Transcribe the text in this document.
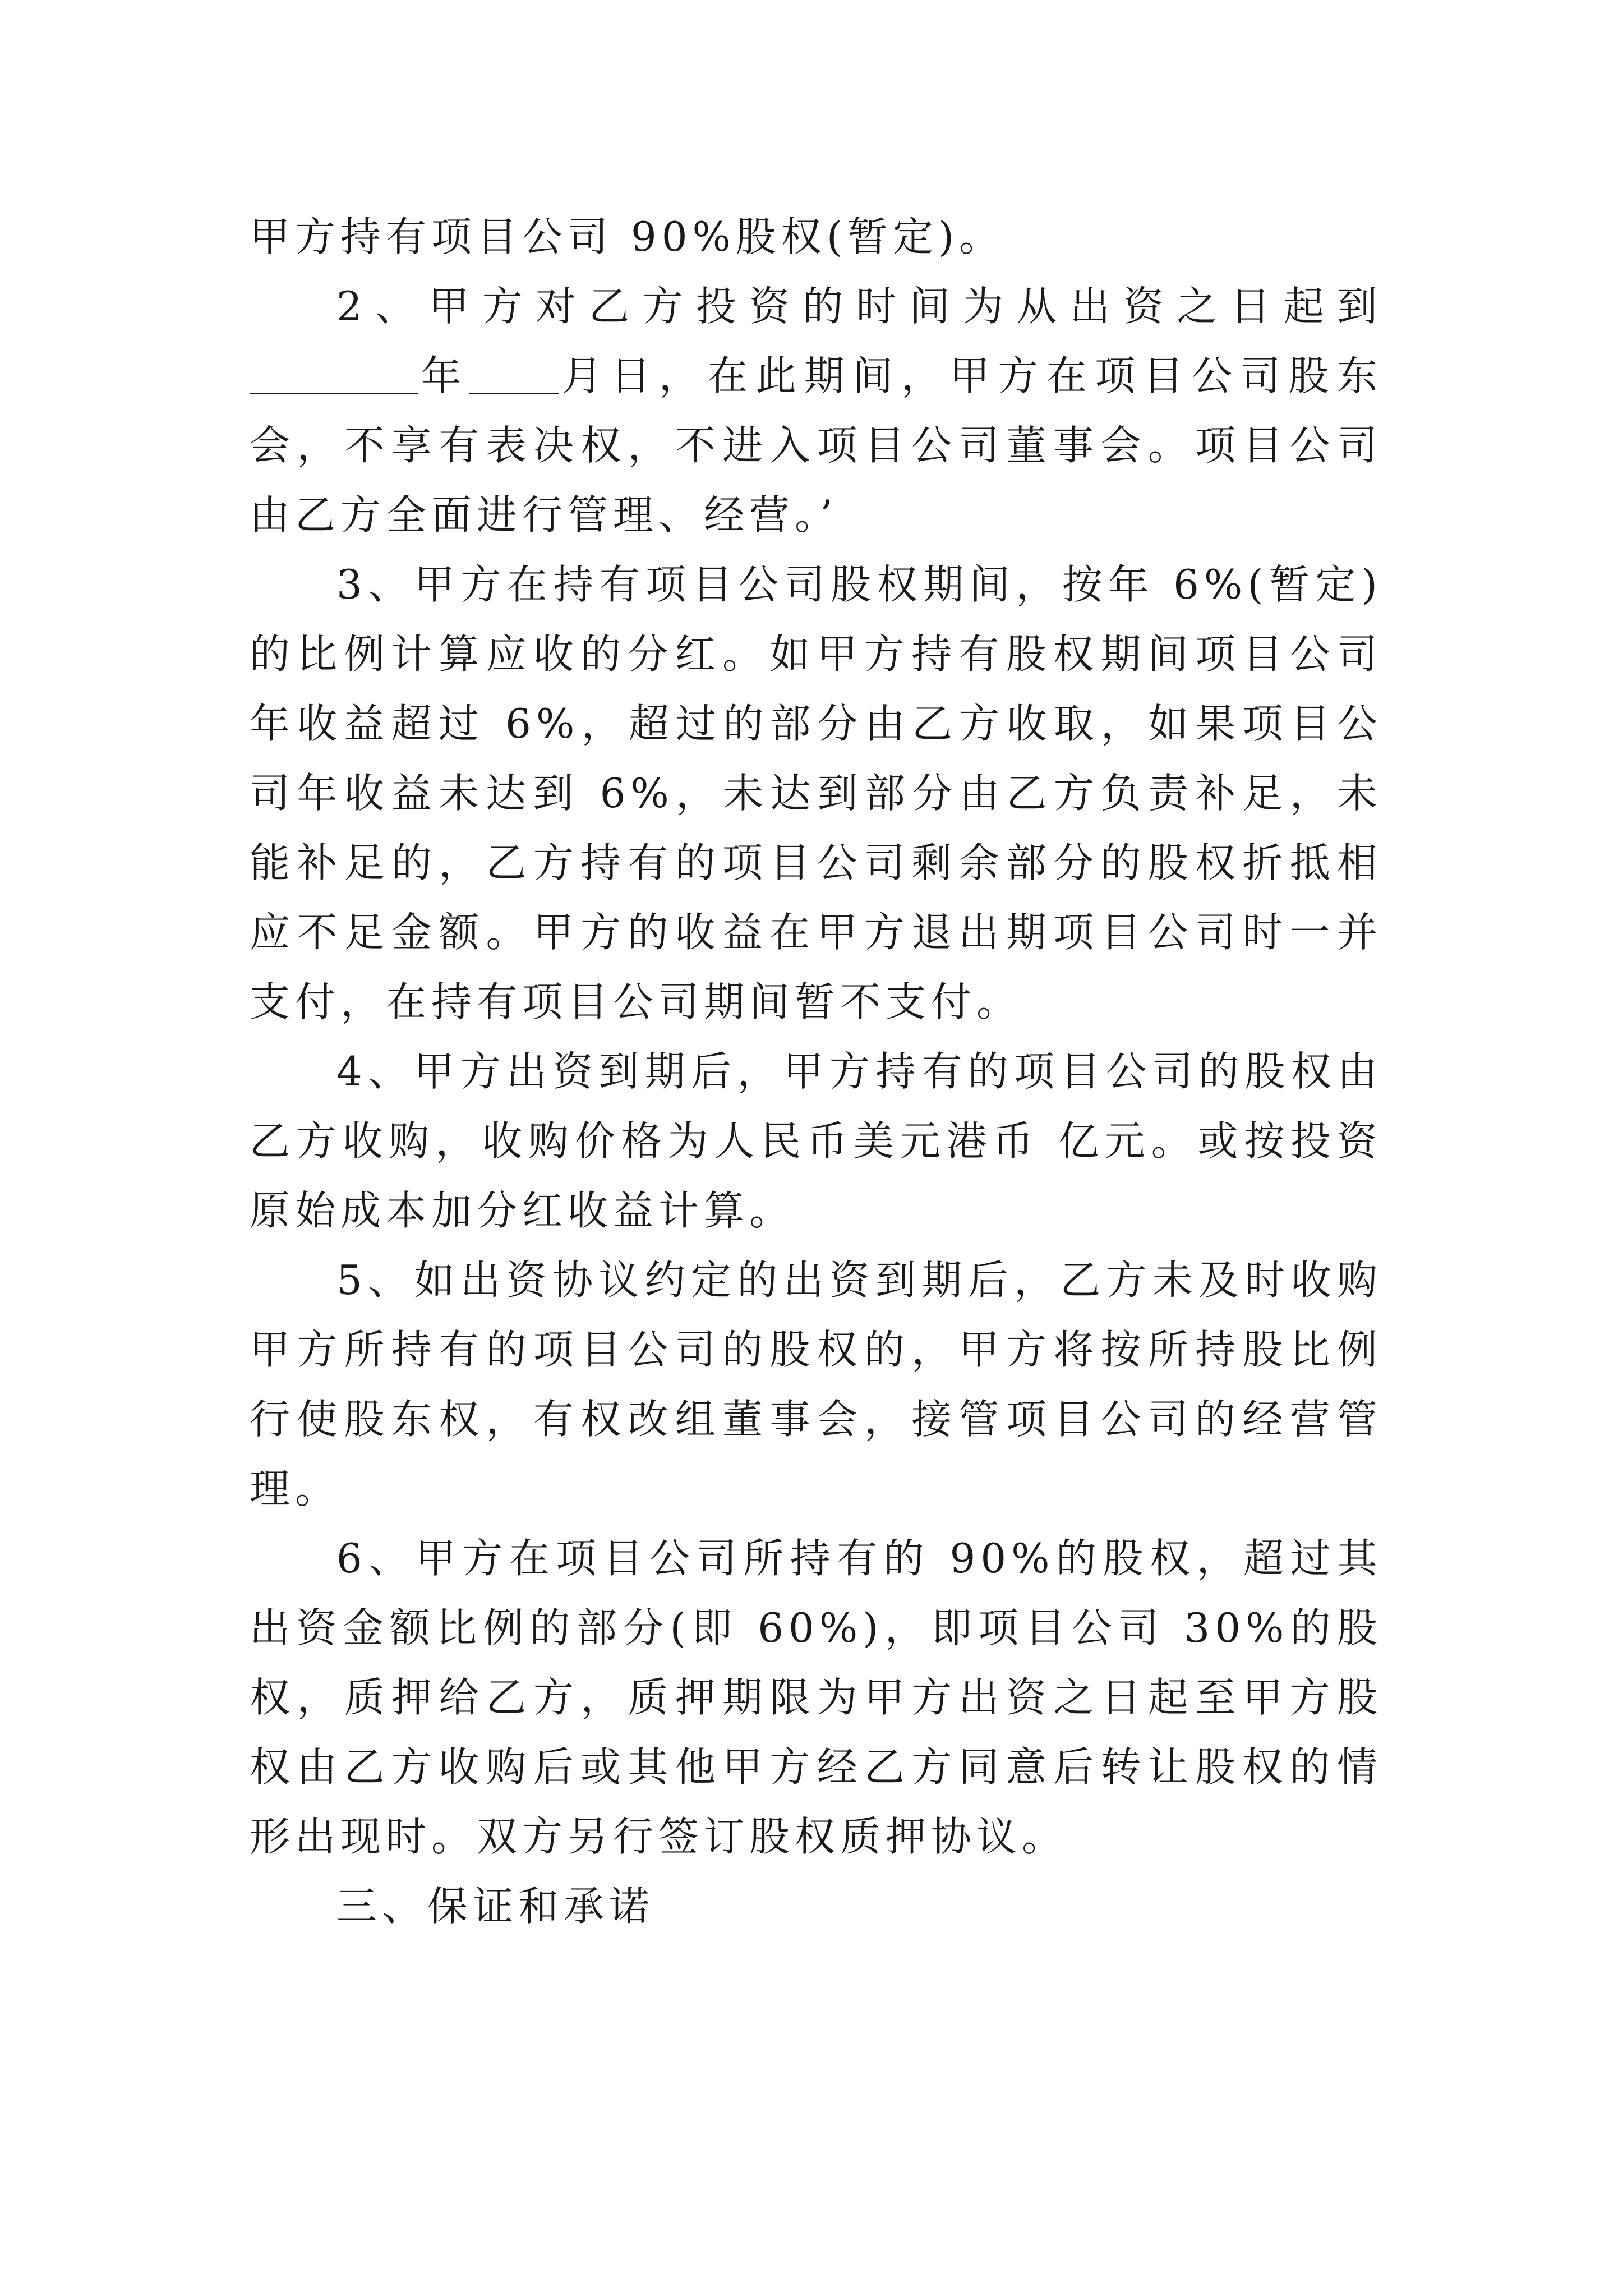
甲方持有项目公司 90%股权(暂定)。

2、甲方对乙方投资的时间为从出资之日起到年 月日，在此期间，甲方在项目公司股东会，不享有表决权，不进入项目公司董事会。项目公司由乙方全面进行管理、经营。’

3、甲方在持有项目公司股权期间，按年 6%(暂定)的比例计算应收的分红。如甲方持有股权期间项目公司年收益超过 6%，超过的部分由乙方收取，如果项目公司年收益未达到 6%，未达到部分由乙方负责补足，未能补足的，乙方持有的项目公司剩余部分的股权折抵相应不足金额。甲方的收益在甲方退出期项目公司时一并支付，在持有项目公司期间暂不支付。

4、甲方出资到期后，甲方持有的项目公司的股权由乙方收购，收购价格为人民币美元港币 亿元。或按投资原始成本加分红收益计算。

5、如出资协议约定的出资到期后，乙方未及时收购甲方所持有的项目公司的股权的，甲方将按所持股比例行使股东权，有权改组董事会，接管项目公司的经营管理。

6、甲方在项目公司所持有的 90%的股权，超过其出资金额比例的部分(即 60%)，即项目公司 30%的股权，质押给乙方，质押期限为甲方出资之日起至甲方股权由乙方收购后或其他甲方经乙方同意后转让股权的情形出现时。双方另行签订股权质押协议。

三、保证和承诺
